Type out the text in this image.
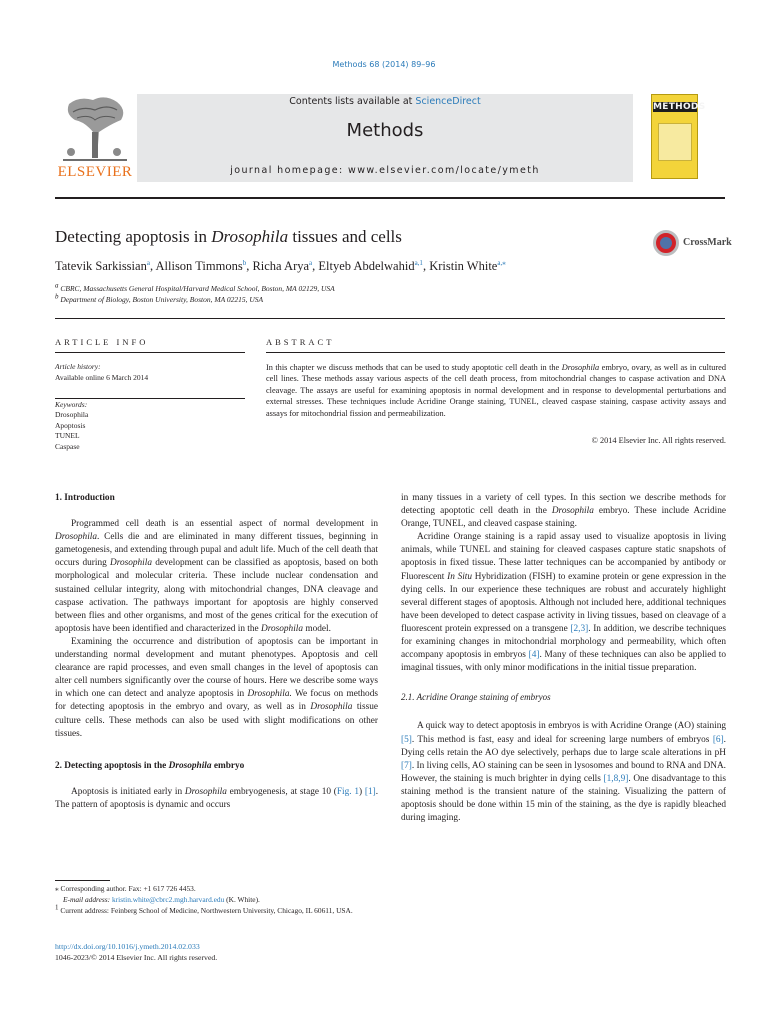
Methods 68 (2014) 89–96
ELSEVIER
Contents lists available at ScienceDirect
Methods
journal homepage: www.elsevier.com/locate/ymeth
METHODS
Detecting apoptosis in Drosophila tissues and cells	CrossMark
Tatevik Sarkissian$^a$, Allison Timmons$^b$, Richa Arya$^a$, Eltyeb Abdelwahid$^{a,1}$, Kristin White$^{a,⁎}$
$^a$ CBRC, Massachusetts General Hospital/Harvard Medical School, Boston, MA 02129, USA
$^b$ Department of Biology, Boston University, Boston, MA 02215, USA
ARTICLE INFO
Article history:
Available online 6 March 2014
Keywords:
Drosophila
Apoptosis
TUNEL
Caspase
ABSTRACT
In this chapter we discuss methods that can be used to study apoptotic cell death in the Drosophila embryo, ovary, as well as in cultured cell lines. These methods assay various aspects of the cell death process, from mitochondrial changes to caspase activation and DNA cleavage. The assays are useful for examining apoptosis in normal development and in response to developmental perturbations and external stresses. These techniques include Acridine Orange staining, TUNEL, cleaved caspase staining, caspase activity assays and assays for mitochondrial fission and permeabilization.
© 2014 Elsevier Inc. All rights reserved.
1. Introduction

Programmed cell death is an essential aspect of normal development in Drosophila. Cells die and are eliminated in many different tissues, beginning in gametogenesis, and extending through pupal and adult life. Much of the cell death that occurs during Drosophila development can be classified as apoptosis, based on both morphological and molecular criteria. These include nuclear condensation and sustained cellular integrity, along with mitochondrial changes, DNA cleavage and caspase activation. The pathways important for apoptosis are highly conserved between flies and other organisms, and most of the genes critical for the execution of apoptosis have been identified and characterized in the Drosophila model.

Examining the occurrence and distribution of apoptosis can be important in understanding normal development and mutant phenotypes. Apoptosis and cell clearance are rapid processes, and even small changes in the level of apoptosis can alter cell numbers significantly over the course of hours. Here we describe some ways in which one can detect and analyze apoptosis in Drosophila. We focus on methods for detecting apoptosis in the embryo and ovary, as well as in Drosophila tissue culture cells. These methods can also be used with slight modifications on other tissues.

2. Detecting apoptosis in the Drosophila embryo

Apoptosis is initiated early in Drosophila embryogenesis, at stage 10 (Fig. 1) [1]. The pattern of apoptosis is dynamic and occurs

in many tissues in a variety of cell types. In this section we describe methods for detecting apoptotic cell death in the Drosophila embryo. These include Acridine Orange, TUNEL, and cleaved caspase staining.

Acridine Orange staining is a rapid assay used to visualize apoptosis in living animals, while TUNEL and staining for cleaved caspases capture static snapshots of apoptosis in fixed tissue. These latter techniques can be accompanied by antibody or Fluorescent In Situ Hybridization (FISH) to examine protein or gene expression in the dying cells. In our experience these techniques are robust and accurately highlight several different stages of apoptosis. Although not included here, additional techniques have been developed to detect caspase activity in living tissues, based on cleavage of a fluorescent protein expressed on a transgene [2,3]. In addition, we describe techniques for examining changes in mitochondrial morphology and permeability, which often accompany apoptosis in embryos [4]. Many of these techniques can also be applied to imaginal tissues, with only minor modifications in the initial tissue preparation.

2.1. Acridine Orange staining of embryos

A quick way to detect apoptosis in embryos is with Acridine Orange (AO) staining [5]. This method is fast, easy and ideal for screening large numbers of embryos [6]. Dying cells retain the AO dye selectively, perhaps due to large scale alterations in pH [7]. In living cells, AO staining can be seen in lysosomes and bound to RNA and DNA. However, the staining is much brighter in dying cells [1,8,9]. One disadvantage to this staining method is the transient nature of the staining. Visualizing the pattern of apoptosis should be done within 15 min of the staining, as the dye is rapidly bleached during imaging.

⁎ Corresponding author. Fax: +1 617 726 4453.
E-mail address: kristin.white@cbrc2.mgh.harvard.edu (K. White).
$^1$ Current address: Feinberg School of Medicine, Northwestern University, Chicago, IL 60611, USA.
http://dx.doi.org/10.1016/j.ymeth.2014.02.033
1046-2023/© 2014 Elsevier Inc. All rights reserved.
